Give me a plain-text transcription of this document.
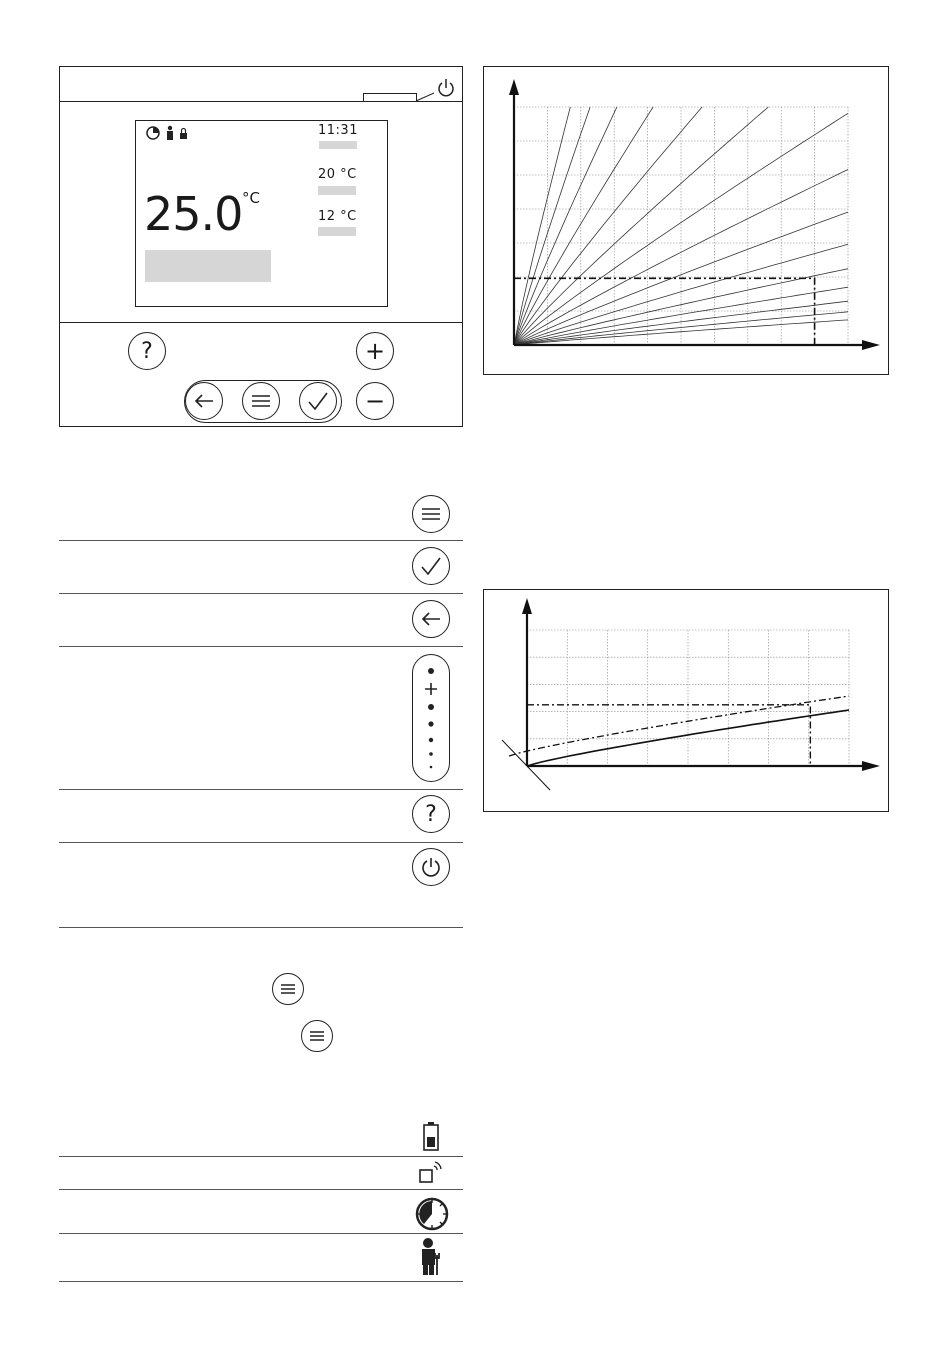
11:31
20 °C
12 °C
25.0 °C
?	+
−
?
